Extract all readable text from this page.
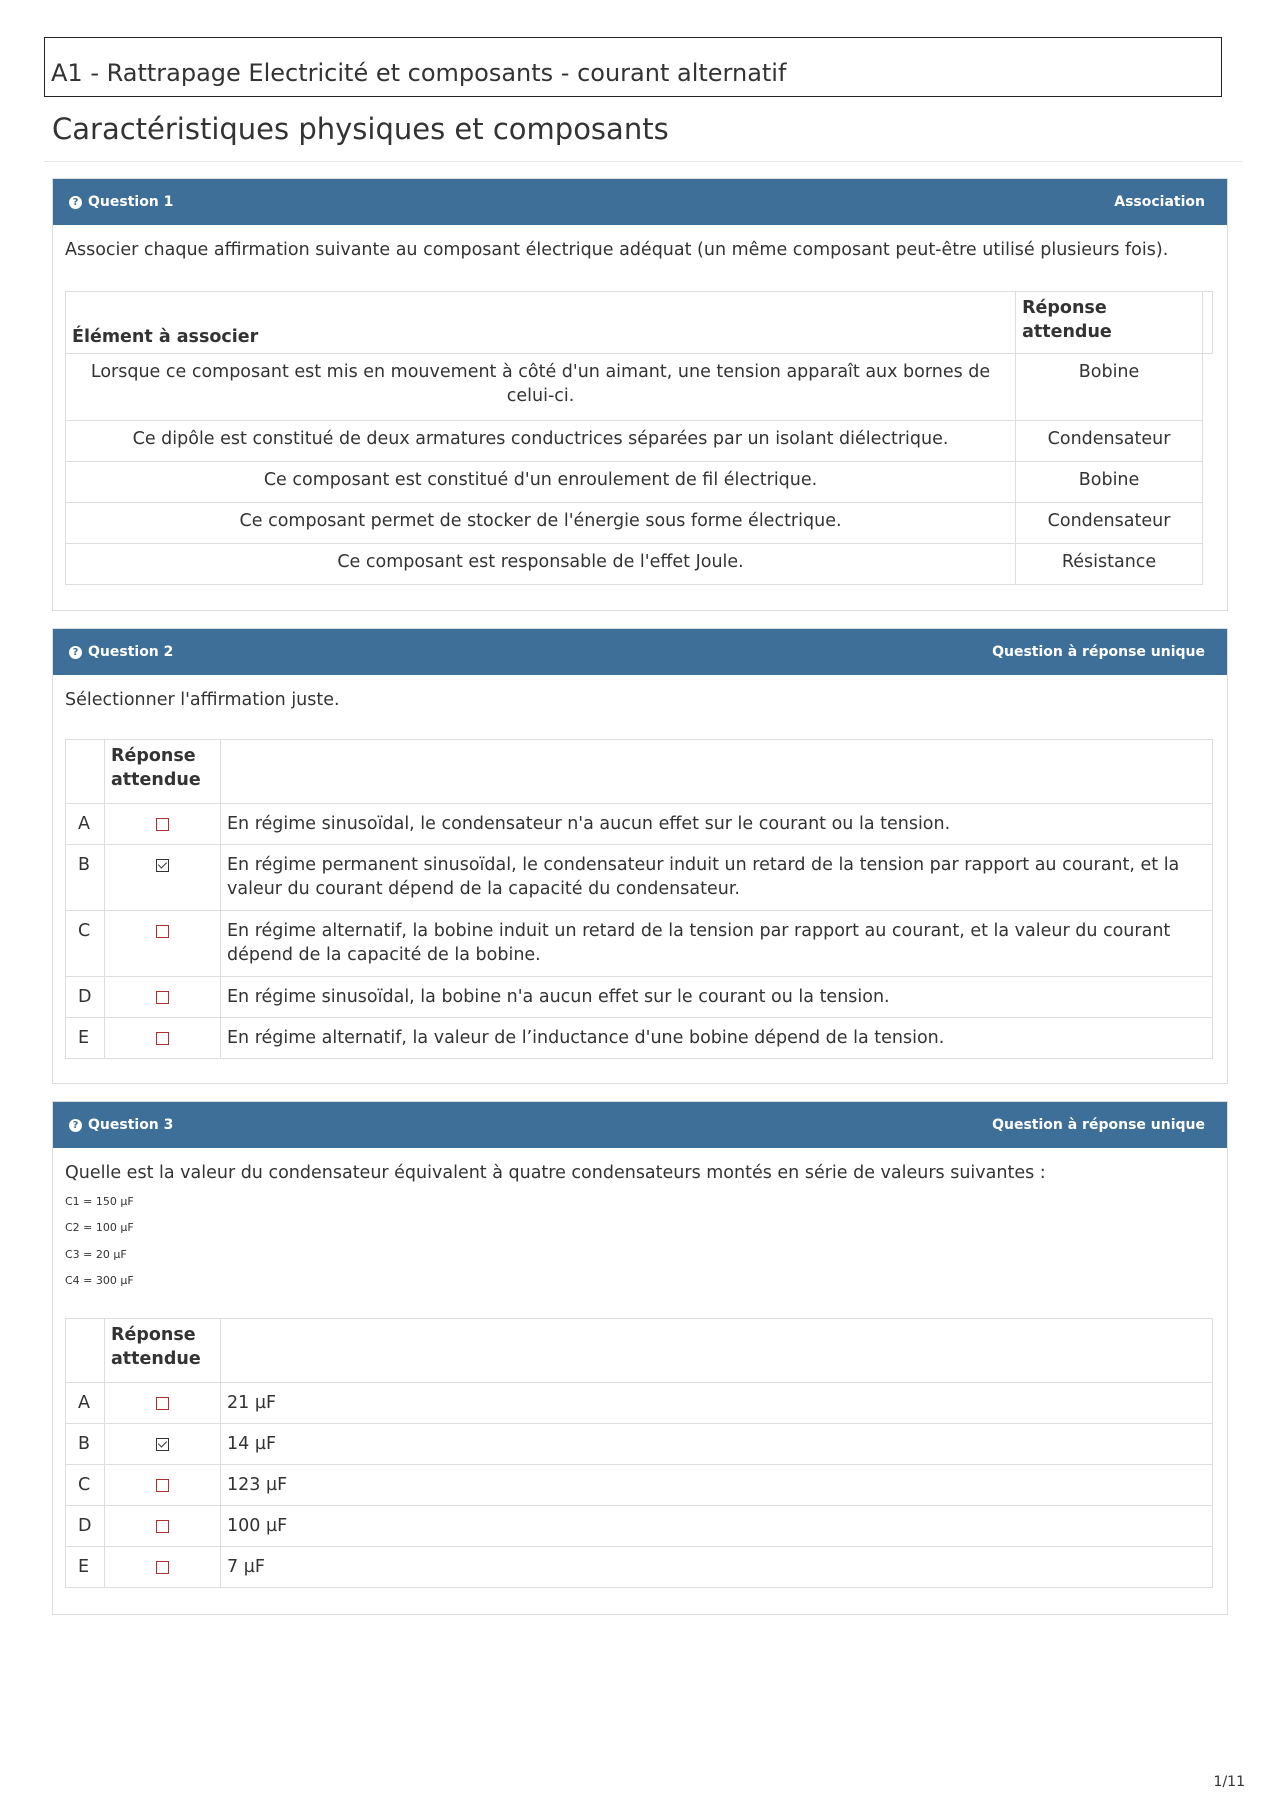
A1 - Rattrapage Electricité et composants - courant alternatif
Caractéristiques physiques et composants
? Question 1	Association
Associer chaque affirmation suivante au composant électrique adéquat (un même composant peut-être utilisé plusieurs fois).
Élément à associer	Réponse attendue	
Lorsque ce composant est mis en mouvement à côté d'un aimant, une tension apparaît aux bornes de celui-ci.	Bobine	
Ce dipôle est constitué de deux armatures conductrices séparées par un isolant diélectrique.	Condensateur	
Ce composant est constitué d'un enroulement de fil électrique.	Bobine	
Ce composant permet de stocker de l'énergie sous forme électrique.	Condensateur	
Ce composant est responsable de l'effet Joule.	Résistance	
? Question 2	Question à réponse unique
Sélectionner l'affirmation juste.
	Réponse attendue	
A		En régime sinusoïdal, le condensateur n'a aucun effet sur le courant ou la tension.
B		En régime permanent sinusoïdal, le condensateur induit un retard de la tension par rapport au courant, et la valeur du courant dépend de la capacité du condensateur.
C		En régime alternatif, la bobine induit un retard de la tension par rapport au courant, et la valeur du courant dépend de la capacité de la bobine.
D		En régime sinusoïdal, la bobine n'a aucun effet sur le courant ou la tension.
E		En régime alternatif, la valeur de l’inductance d'une bobine dépend de la tension.
? Question 3	Question à réponse unique
Quelle est la valeur du condensateur équivalent à quatre condensateurs montés en série de valeurs suivantes :
C1 = 150 µF
C2 = 100 µF
C3 = 20 µF
C4 = 300 µF
	Réponse attendue	
A		21 µF
B		14 µF
C		123 µF
D		100 µF
E		7 µF
1/11
